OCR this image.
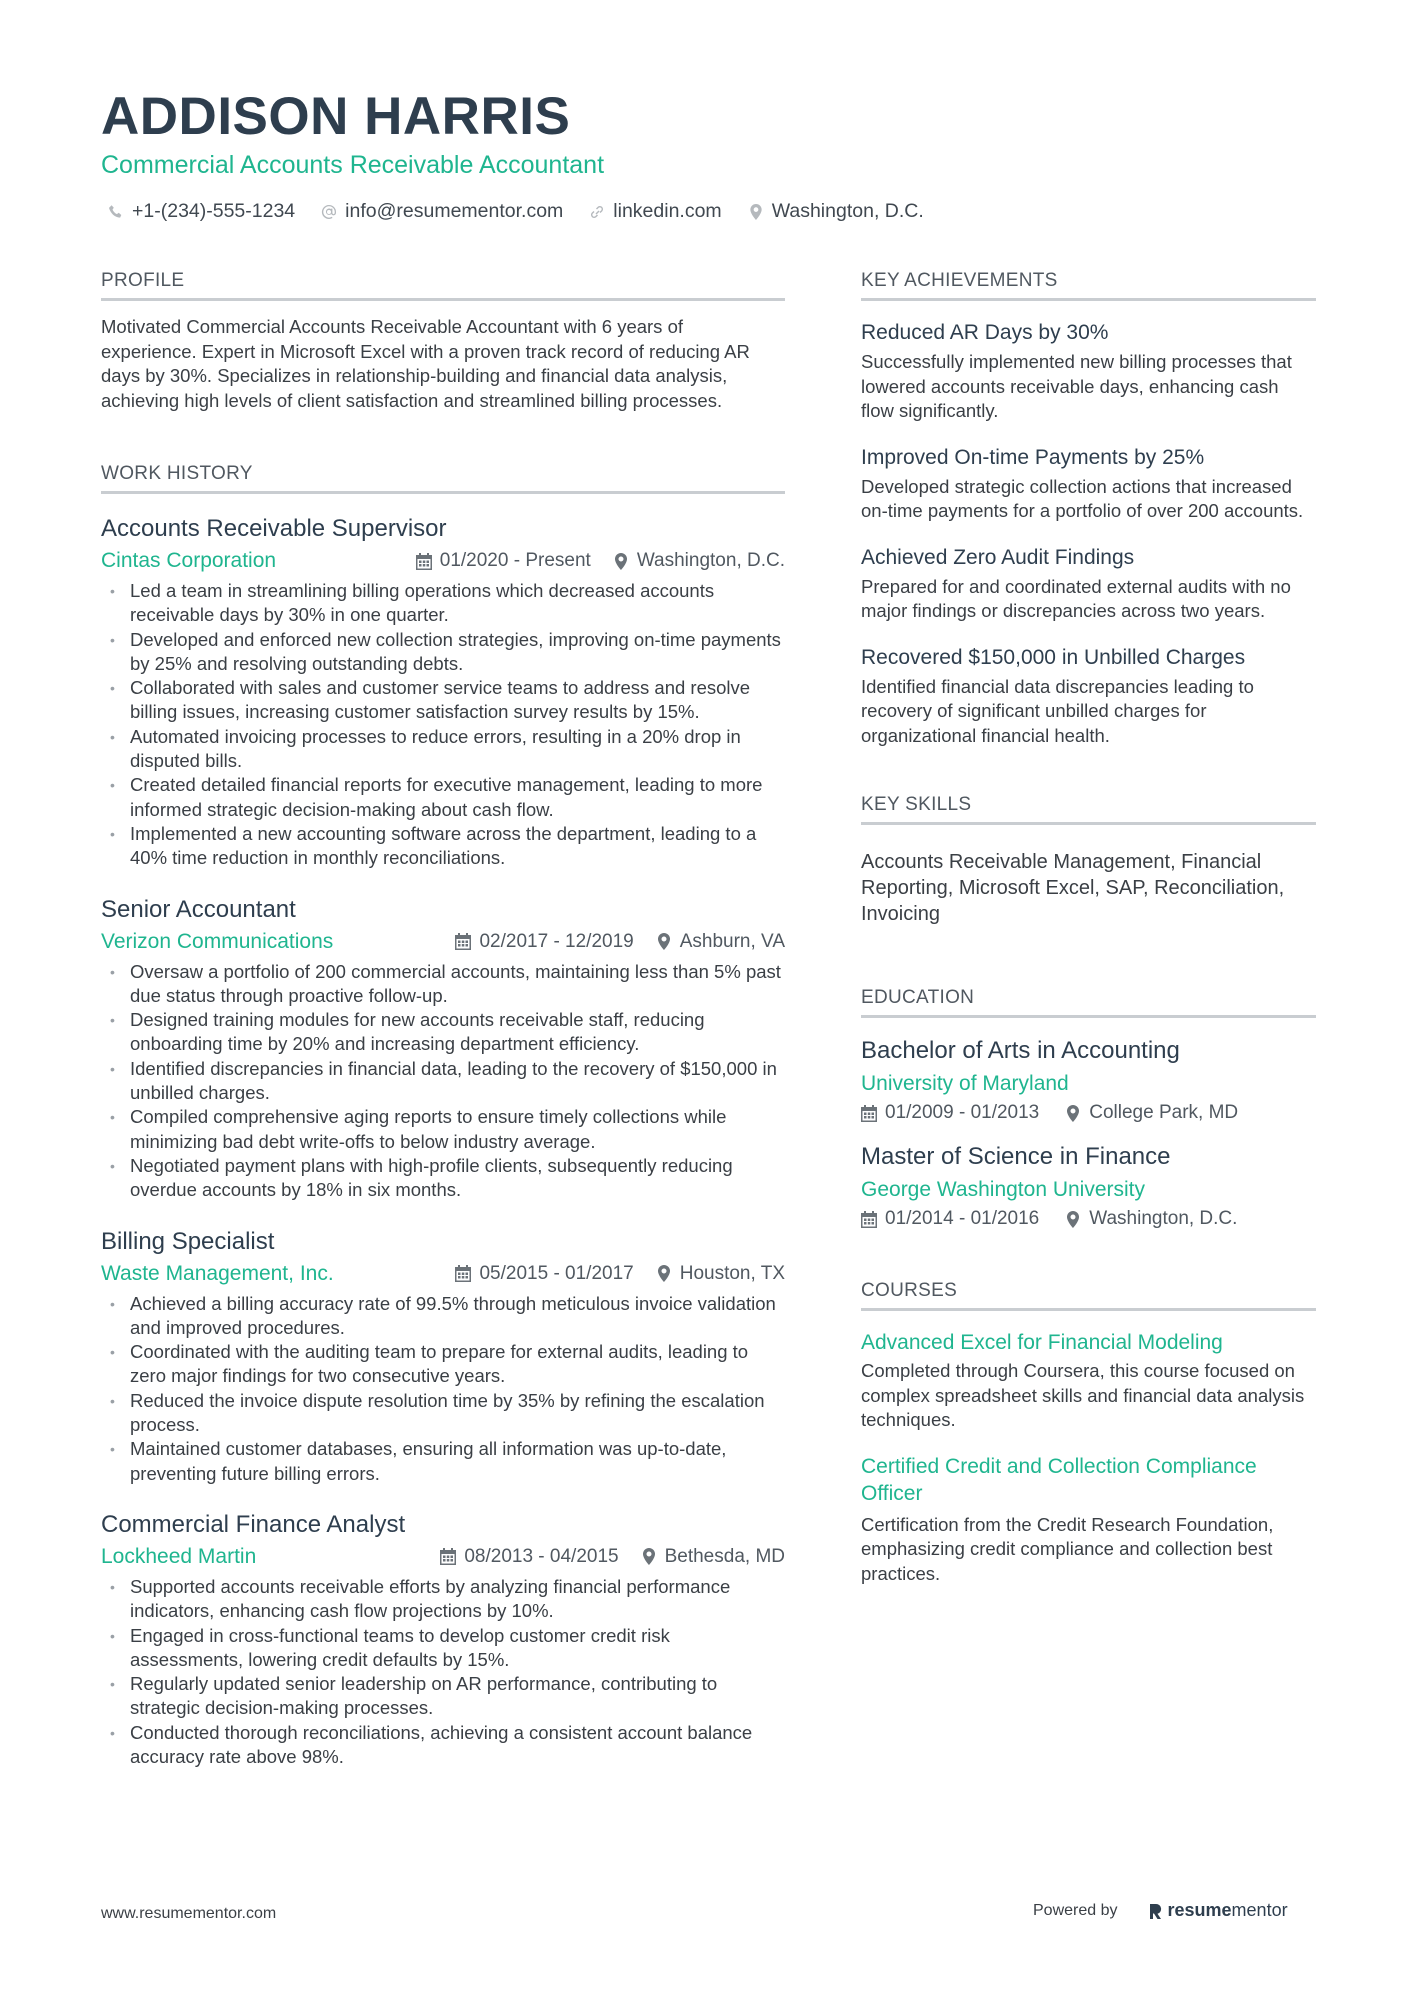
ADDISON HARRIS
Commercial Accounts Receivable Accountant
+1-(234)-555-1234	info@resumementor.com	linkedin.com	Washington, D.C.
PROFILE
Motivated Commercial Accounts Receivable Accountant with 6 years of experience. Expert in Microsoft Excel with a proven track record of reducing AR days by 30%. Specializes in relationship-building and financial data analysis, achieving high levels of client satisfaction and streamlined billing processes.
WORK HISTORY
Accounts Receivable Supervisor
Cintas Corporation	01/2020 - Present Washington, D.C.
• Led a team in streamlining billing operations which decreased accounts receivable days by 30% in one quarter.
• Developed and enforced new collection strategies, improving on-time payments by 25% and resolving outstanding debts.
• Collaborated with sales and customer service teams to address and resolve billing issues, increasing customer satisfaction survey results by 15%.
• Automated invoicing processes to reduce errors, resulting in a 20% drop in disputed bills.
• Created detailed financial reports for executive management, leading to more informed strategic decision-making about cash flow.
• Implemented a new accounting software across the department, leading to a 40% time reduction in monthly reconciliations.
Senior Accountant
Verizon Communications	02/2017 - 12/2019 Ashburn, VA
• Oversaw a portfolio of 200 commercial accounts, maintaining less than 5% past due status through proactive follow-up.
• Designed training modules for new accounts receivable staff, reducing onboarding time by 20% and increasing department efficiency.
• Identified discrepancies in financial data, leading to the recovery of $150,000 in unbilled charges.
• Compiled comprehensive aging reports to ensure timely collections while minimizing bad debt write-offs to below industry average.
• Negotiated payment plans with high-profile clients, subsequently reducing overdue accounts by 18% in six months.
Billing Specialist
Waste Management, Inc.	05/2015 - 01/2017 Houston, TX
• Achieved a billing accuracy rate of 99.5% through meticulous invoice validation and improved procedures.
• Coordinated with the auditing team to prepare for external audits, leading to zero major findings for two consecutive years.
• Reduced the invoice dispute resolution time by 35% by refining the escalation process.
• Maintained customer databases, ensuring all information was up-to-date, preventing future billing errors.
Commercial Finance Analyst
Lockheed Martin	08/2013 - 04/2015 Bethesda, MD
• Supported accounts receivable efforts by analyzing financial performance indicators, enhancing cash flow projections by 10%.
• Engaged in cross-functional teams to develop customer credit risk assessments, lowering credit defaults by 15%.
• Regularly updated senior leadership on AR performance, contributing to strategic decision-making processes.
• Conducted thorough reconciliations, achieving a consistent account balance accuracy rate above 98%.
KEY ACHIEVEMENTS
Reduced AR Days by 30%
Successfully implemented new billing processes that lowered accounts receivable days, enhancing cash flow significantly.
Improved On-time Payments by 25%
Developed strategic collection actions that increased on-time payments for a portfolio of over 200 accounts.
Achieved Zero Audit Findings
Prepared for and coordinated external audits with no major findings or discrepancies across two years.
Recovered $150,000 in Unbilled Charges
Identified financial data discrepancies leading to recovery of significant unbilled charges for organizational financial health.
KEY SKILLS
Accounts Receivable Management, Financial Reporting, Microsoft Excel, SAP, Reconciliation, Invoicing
EDUCATION
Bachelor of Arts in Accounting
University of Maryland
01/2009 - 01/2013	College Park, MD
Master of Science in Finance
George Washington University
01/2014 - 01/2016	Washington, D.C.
COURSES
Advanced Excel for Financial Modeling
Completed through Coursera, this course focused on complex spreadsheet skills and financial data analysis techniques.
Certified Credit and Collection Compliance Officer
Certification from the Credit Research Foundation, emphasizing credit compliance and collection best practices.
www.resumementor.com	Powered by	resumementor
